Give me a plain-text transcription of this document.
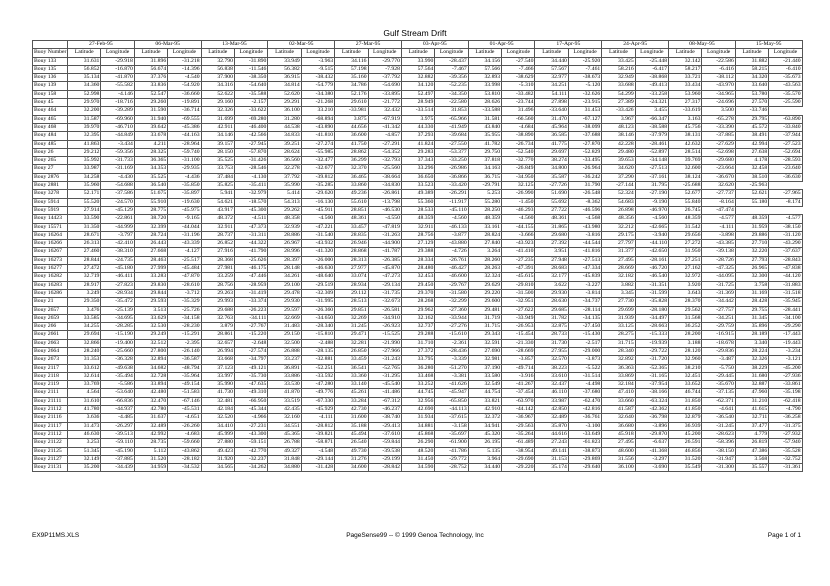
Gulf Stream Drift
	27-Feb-95		06-Mar-95		13-Mar-95		02-Mar-95		27-Mar-95		03-Apr-95		01-Apr-95		17-Apr-95		24-Apr-95		08-May-95		15-May-95	
Buoy Number	Latitude	Longitude	Latitude	Longitude	Latitude	Longitude	Latitude	Longitude	Latitude	Longitude	Latitude	Longitude	Latitude	Longitude	Latitude	Longitude	Latitude	Longitude	Latitude	Longitude	Latitude	Longitude
Bouy 133	31.631	-29.918	31.896	-31.218	32.790	-31.890	33.949	-3.963	34.116	-29.770	33.990	-28.437	34.156	-27.540	34.440	-25.920	33.425	-25.448	32.142	-22.586	31.882	-21.440
Bouy 135	56.852	-16.870	56.674	-14.396	56.838	-11.546	56.382	-9.515	57.198	-7.928	57.564	-7.467	57.566	-7.466	57.567	-7.461	58.216	-6.417	58.217	-6.416	58.215	-6.410
Bouy 136	35.134	-41.870	37.376	-4.540	37.900	-38.350	36.915	-38.432	35.160	-37.792	32.882	-39.356	32.893	-38.629	32.977	-38.673	32.949	-38.868	33.721	-38.112	34.320	-35.673
Bouy 139	34.360	-55.582	33.836	-54.920	34.316	-54.640	34.814	-54.779	34.786	-54.690	34.120	-52.235	33.998	-5.310	34.251	-5.120	33.688	-49.413	33.434	-43.970	33.640	-43.563
Bouy 158	52.998	-4.146	52.547	-36.660	52.622	-35.588	52.620	-34.380	52.176	-33.895	52.497	-34.350	53.810	-33.482	54.111	-32.626	54.299	-33.258	53.960	-34.965	53.780	-35.570
Bouy 45	29.970	-18.716	29.260	-19.891	29.160	-2.157	29.291	-21.268	29.610	-21.772	28.949	-22.580	28.626	-23.744	27.898	-23.915	27.389	-24.321	27.317	-24.696	27.570	-25.590
Bouy 464	32.200	-39.289	31.590	-36.714	32.326	-33.622	36.100	33.210	-33.981	32.432	-33.514	31.853	-33.588	31.496	-33.640	31.453	-33.426	3.455	-33.619	3.500	-33.746	
Bouy 465	31.587	-69.960	31.940	-69.555	31.699	-69.280	31.280	-68.894	3.875	-67.919	3.975	-65.966	31.581	-66.560	31.470	-67.127	3.967	-66.347	3.163	-65.278	29.795	-63.890
Bouy 468	39.970	-46.710	39.642	-45.386	42.911	-46.400	44.538	-43.890	44.656	-41.342	44.330	-41.949	43.840	-4.684	45.964	-38.099	48.123	-38.588	45.756	-33.390	45.572	-33.840
Bouy 484	32.395	-44.849	33.678	-44.163	34.146	-42.566	34.833	-41.810	36.600	-4.857	37.293	-39.684	35.955	-38.890	36.585	-37.688	38.146	-37.979	38.131	-37.885	38.491	-37.944
Bouy 485	41.863	-3.434	4.211	-28.964	39.157	-27.945	39.251	-27.274	41.750	-27.291	41.824	-27.550	41.782	-26.734	41.775	-27.870	42.228	-28.461	42.632	-27.629	42.994	-27.523
Bouy 26	29.212	-59.356	28.325	-59.740	28.150	-57.870	28.624	-55.985	28.862	-54.352	29.283	-53.377	29.750	-52.540	29.697	-52.829	29.480	-52.897	28.514	-52.698	27.638	-52.694
Bouy 265	35.992	-31.733	36.365	-31.100	35.525	-31.426	36.560	-32.477	36.299	-32.793	37.343	-33.250	37.818	-32.770	38.274	-33.495	39.653	-34.148	39.769	-29.680	4.178	-28.593
Bouy 27	33.987	-31.169	34.353	-29.935	33.753	-28.546	32.278	-32.677	32.370	-25.560	33.296	-26.986	34.163	-26.849	34.800	-26.964	34.620	-27.513	32.600	-23.664	32.458	-23.640
Bouy 2876	34.258	-4.430	35.525	-4.436	37.484	-4.130	37.792	-39.812	36.465	-38.664	36.650	-36.866	36.715	-34.950	35.587	-36.242	37.290	-37.161	38.124	-36.670	38.510	-36.630
Bouy 2881	35.960	-54.688	36.540	-35.850	35.825	-35.411	35.990	-35.285	33.860	-34.830	33.523	-33.420	-29.791	32.125	-27.726	31.790	-27.144	31.795	-25.688	32.620	-25.963	
Bouy 3278	52.171	-37.586	51.675	-35.897	5.941	-32.979	5.414	-29.620	49.236	-26.861	49.389	-26.291	5.253	-26.990	51.690	-26.548	52.324	-27.190	52.677	-27.737	52.621	-27.965
Bouy 5914	55.520	-24.570	55.910	-19.630	54.621	-18.570	54.313	-16.130	55.610	-13.798	55.360	-11.917	55.280	-1.450	55.692	-8.362	54.683	-9.190	55.840	-8.164	55.180	-8.174
Bouy 5919	27.914	-45.129	28.775	-45.975	43.917	-45.300	29.262	-45.911	28.851	-46.530	28.533	-45.110	28.250	-46.293	27.722	-46.596	26.898	-46.970	26.745	-47.474		
Bouy 14423	33.590	-22.861	38.720	-9.165	48.372	-4.511	48.358	-4.560	48.361	-4.550	48.359	-4.560	48.359	-4.560	48.361	-4.568	48.356	-4.560	48.359	-4.577	48.359	-4.577
Bouy 15571	31.350	-44.999	32.399	-44.044	32.911	-47.373	32.939	-47.221	33.457	-47.819	32.911	-46.133	33.161	-44.155	31.865	-43.980	32.212	-42.665	31.542	-4.111	31.959	-38.150
Bouy 16264	28.671	-3.797	28.724	-31.196	28.737	-31.311	28.886	-31.540	28.835	-31.263	28.756	-3.877	28.824	-3.666	29.680	-3.816	29.175	-3.940	29.656	-3.898	29.886	-31.120
Bouy 16266	26.313	-42.410	26.443	-43.339	26.852	-44.322	26.967	-43.932	26.946	-44.900	27.129	-43.880	27.840	-43.923	27.392	-44.544	27.797	-44.110	27.272	-43.385	27.710	-43.290
Bouy 16267	27.460	-38.310	27.668	-4.127	27.916	-41.790	28.996	-41.320	28.868	-41.787	29.388	-4.726	3.264	-41.410	3.951	-41.816	31.377	-42.650	31.950	-39.138	32.220	-37.637
Bouy 16273	28.844	-24.735	28.463	-25.517	28.368	-25.626	28.397	-26.000	28.313	-26.385	28.334	-26.761	28.260	-27.235	27.948	-27.513	27.495	-28.161	27.251	-28.726	27.793	-28.843
Bouy 16277	27.472	-45.180	27.999	-45.484	27.981	-46.175	28.148	-46.630	27.977	-45.870	28.480	-46.427	28.263	-47.391	28.683	-47.334	28.669	-46.720	27.162	-47.325	26.965	-47.838
Bouy 16282	32.719	-46.411	33.283	-47.870	33.259	-47.446	34.261	-48.640	33.074	-47.273	32.453	-46.600	32.324	-45.615	32.177	-45.839	32.182	-46.540	32.972	-44.095	32.300	-44.120
Bouy 16283	28.917	-27.823	29.830	-28.610	28.756	-28.959	29.100	-29.519	28.934	-29.134	29.450	-29.767	29.629	-29.810	3.622	-3.227	3.882	-31.351	3.920	-31.725	3.758	-31.883
Bouy 16286	3.249	-28.934	29.844	-3.712	29.263	-31.419	29.478	-32.309	29.112	-31.735	29.370	-31.580	29.220	-31.500	29.930	-3.814	3.345	-31.599	3.643	-31.369	31.169	-31.518
Bouy 21	29.350	-35.472	29.593	-35.329	29.993	-33.374	29.930	-31.995	28.513	-32.673	28.268	-32.299	29.600	-32.951	28.630	-34.737	27.730	-35.828	28.370	-34.442	28.428	-35.945
Bouy 2657	3.476	-25.139	3.513	-25.726	29.688	-26.223	29.597	-26.360	29.851	-26.581	29.962	-27.360	29.481	-27.622	29.685	-28.114	29.699	-28.180	29.562	-27.757	29.755	-28.441
Bouy 2659	33.585	-34.695	33.629	-34.158	32.763	-34.111	32.669	-34.650	32.269	-34.910	32.162	-33.944	31.719	-33.949	31.782	-34.135	31.939	-34.497	31.568	-34.251	31.345	-34.100
Bouy 266	34.255	-28.285	32.530	-28.230	3.879	-27.767	31.483	-28.340	31.245	-26.923	32.737	-27.276	31.715	-26.953	32.875	-27.450	33.125	-28.663	36.252	-29.759	35.896	-29.290
Bouy 2661	29.694	-15.190	29.249	-15.291	28.861	-15.220	29.150	-15.810	29.471	-15.525	29.288	-15.610	29.343	-15.454	28.733	-15.430	28.275	-15.333	28.200	-16.915	28.189	-17.443
Bouy 2663	32.866	-19.400	32.512	-2.395	32.657	-2.648	32.500	-2.488	32.281	-21.990	31.710	-2.361	32.591	-21.330	31.730	-2.517	31.715	-19.939	3.188	-18.678	3.340	-19.443
Bouy 2664	28.240	-25.660	27.800	-26.140	26.994	-27.574	26.888	-28.135	26.850	-27.966	27.372	-28.436	27.690	-28.669	27.955	-29.000	28.340	-29.722	28.120	-29.836	28.224	-3.234
Bouy 2673	31.353	-36.328	32.894	-36.587	33.668	-34.797	33.237	-32.881	33.459	-31.243	33.795	-3.339	32.981	-3.857	32.570	-3.873	32.892	-31.720	32.960	-3.487	32.326	-3.121
Bouy 2117	33.612	-49.638	34.682	-48.794	37.123	-49.121	36.891	-52.251	36.541	-52.765	36.280	-51.270	37.190	-49.714	38.223	-5.522	36.363	-52.365	38.210	-5.750	38.229	-45.200
Bouy 2118	32.614	-35.494	32.728	-35.964	33.997	-35.730	33.886	-33.592	33.360	-31.295	33.468	-3.381	33.580	-3.916	33.610	-31.514	33.869	-31.165	32.451	-29.445	31.680	-27.936
Bouy 2119	33.769	-5.586	33.894	-49.154	35.990	-47.635	33.530	-47.280	33.140	-45.540	33.252	-41.626	32.549	-41.267	32.437	-4.498	32.184	-37.954	33.652	-35.670	32.887	-33.861
Bouy 2111	4.564	-53.640	42.480	-51.583	41.730	-49.310	41.870	-49.776	45.261	-41.486	44.745	-45.947	44.754	-37.454	46.110	-37.680	47.410	-38.166	46.744	-37.135	47.960	-35.198
Bouy 21111	31.610	-66.836	32.470	-67.146	32.481	-66.950	33.519	-67.330	33.284	-67.312	32.956	-65.850	33.821	-63.970	33.987	-62.470	33.660	-63.324	31.850	-62.371	31.210	-62.418
Bouy 21112	41.780	-44.937	42.780	-45.531	42.184	-45.344	42.435	-45.929	42.730	-46.237	42.690	-44.113	42.910	-44.142	42.850	-42.816	41.587	-42.362	41.850	-4.641	41.615	-4.790
Bouy 21116	3.636	-4.485	31.637	-4.651	32.520	-4.966	32.160	-4.111	31.600	-38.740	31.934	-37.615	32.372	-36.967	32.489	-36.761	32.640	-36.798	32.879	-36.540	32.711	-36.258
Bouy 21117	31.473	-26.297	32.489	-26.260	34.410	-27.231	34.551	-28.812	35.188	-29.413	34.881	-3.158	34.941	-29.563	35.870	-3.100	36.680	-3.896	36.939	-31.245	37.477	-31.375
Bouy 21112	46.630	-39.513	42.992	-4.683	45.999	-43.300	45.365	-39.821	45.494	-37.610	45.868	-35.697	45.320	-35.264	44.616	-33.649	45.918	-29.870	45.200	-28.623	4.779	-27.932
Bouy 21122	3.253	-59.110	28.735	-59.660	27.880	-59.151	26.788	-58.871	26.540	-59.844	26.290	-61.900	26.195	-61.489	27.243	-61.823	27.495	-6.637	26.591	-58.396	26.819	-57.940
Bouy 21125	51.345	-45.190	5.112	-43.862	49.423	-42.770	49.327	-4.548	49.730	-39.538	48.520	-41.786	5.135	-38.954	49.141	-38.873	48.600	-41.368	46.856	-38.150	47.386	-35.528
Bouy 21127	32.149	-37.885	31.520	-28.182	31.920	-32.237	31.848	-29.144	31.276	-29.199	31.450	-29.772	3.964	-29.690	31.153	-29.869	31.556	-3.297	31.520	-31.947	3.568	-32.752
Bouy 21131	35.200	-34.439	34.959	-34.532	34.565	-34.262	34.880	-31.428	34.600	-28.842	34.590	-28.752	34.440	-29.220	35.174	-29.640	36.100	-3.690	35.549	-31.300	35.557	-31.361
EX9P11MS.XLS	PageSense99 -- © 1999 Genoa Technology, Inc	Page 1 of 1
